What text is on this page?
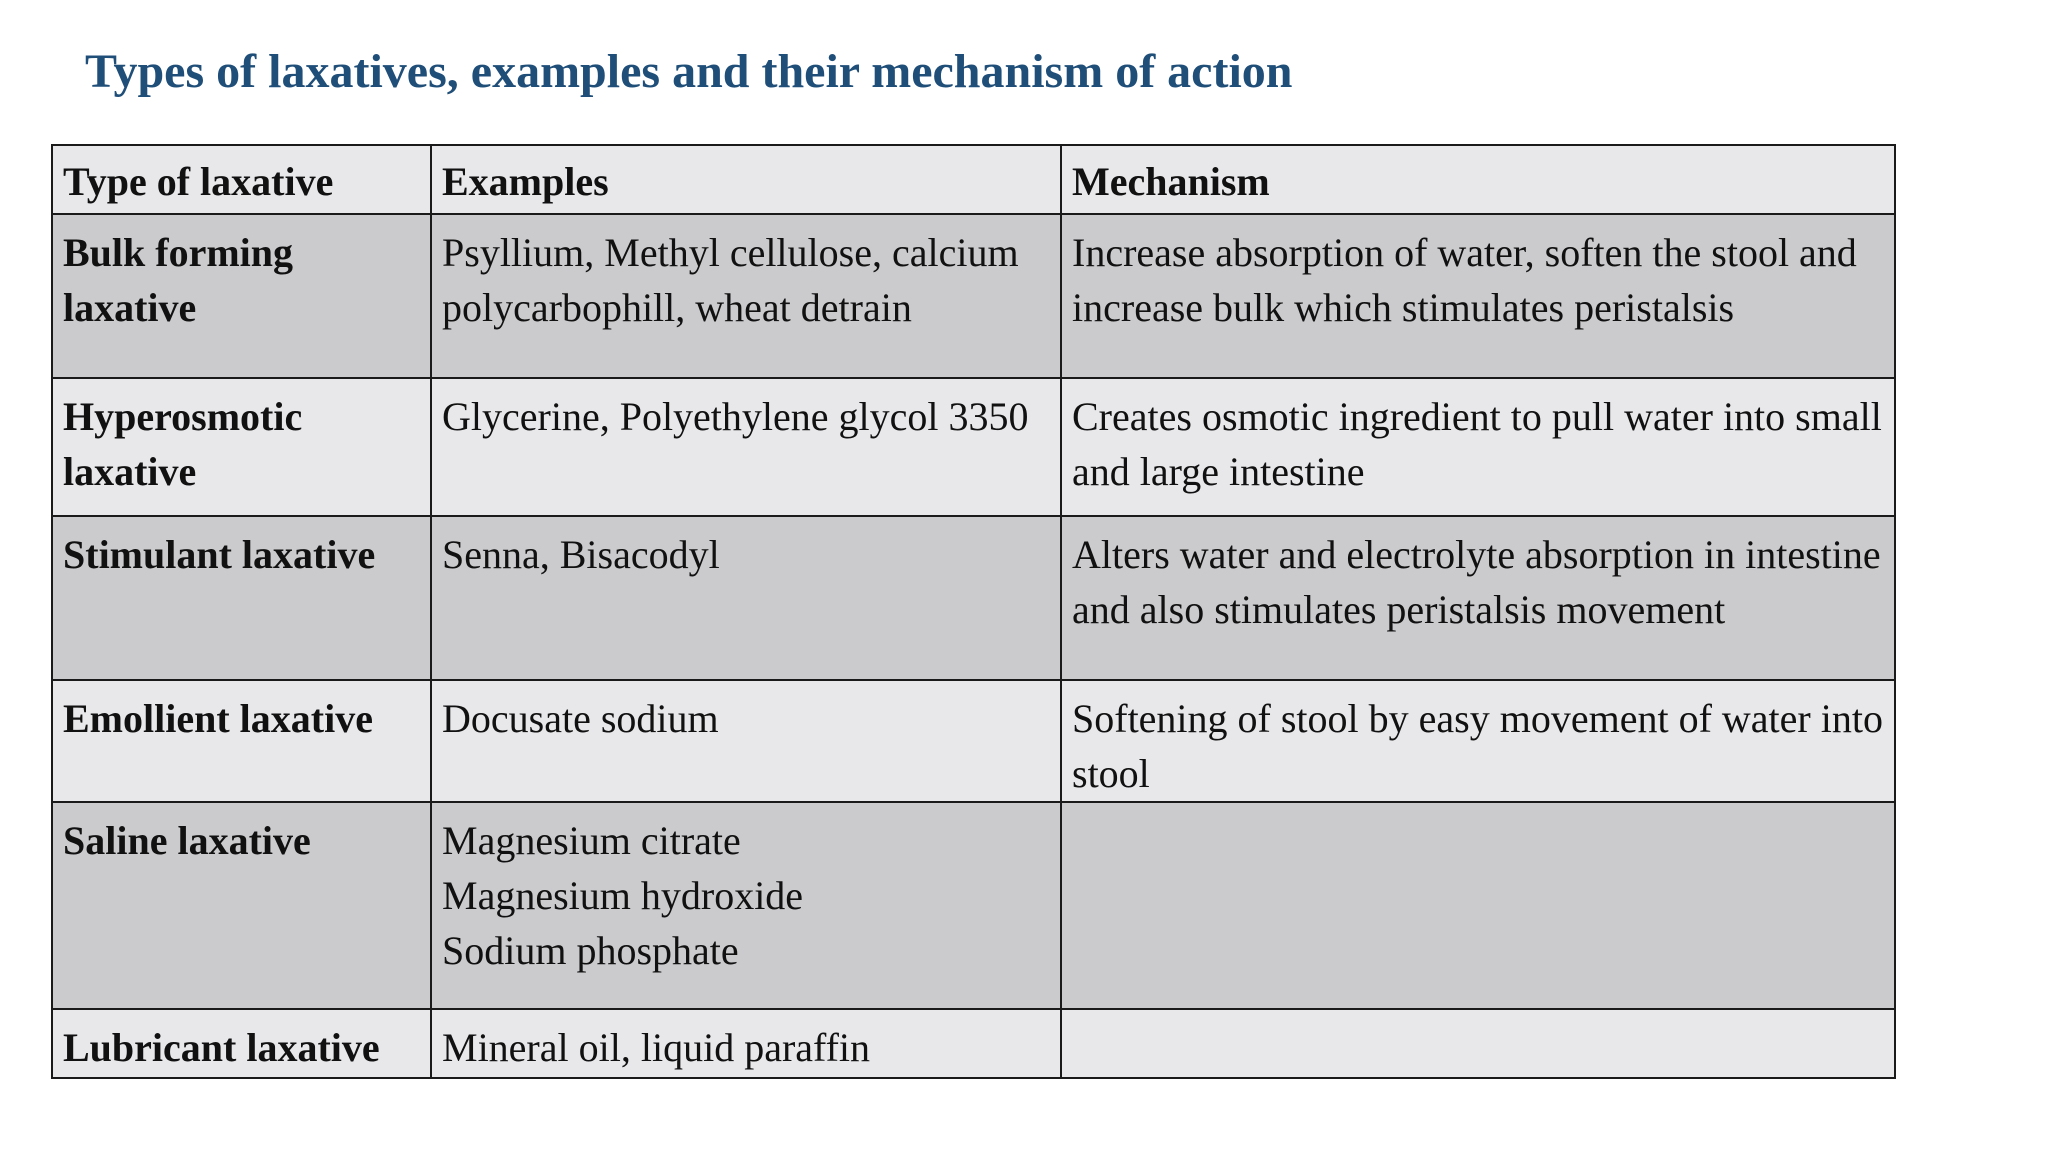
Types of laxatives, examples and their mechanism of action
Type of laxative	Examples	Mechanism
Bulk forming laxative	Psyllium, Methyl cellulose, calcium polycarbophill, wheat detrain	Increase absorption of water, soften the stool and increase bulk which stimulates peristalsis
Hyperosmotic laxative	Glycerine, Polyethylene glycol 3350	Creates osmotic ingredient to pull water into small and large intestine
Stimulant laxative	Senna, Bisacodyl	Alters water and electrolyte absorption in intestine and also stimulates peristalsis movement
Emollient laxative	Docusate sodium	Softening of stool by easy movement of water into stool
Saline laxative	Magnesium citrate
Magnesium hydroxide
Sodium phosphate	

Lubricant laxative	Mineral oil, liquid paraffin	
